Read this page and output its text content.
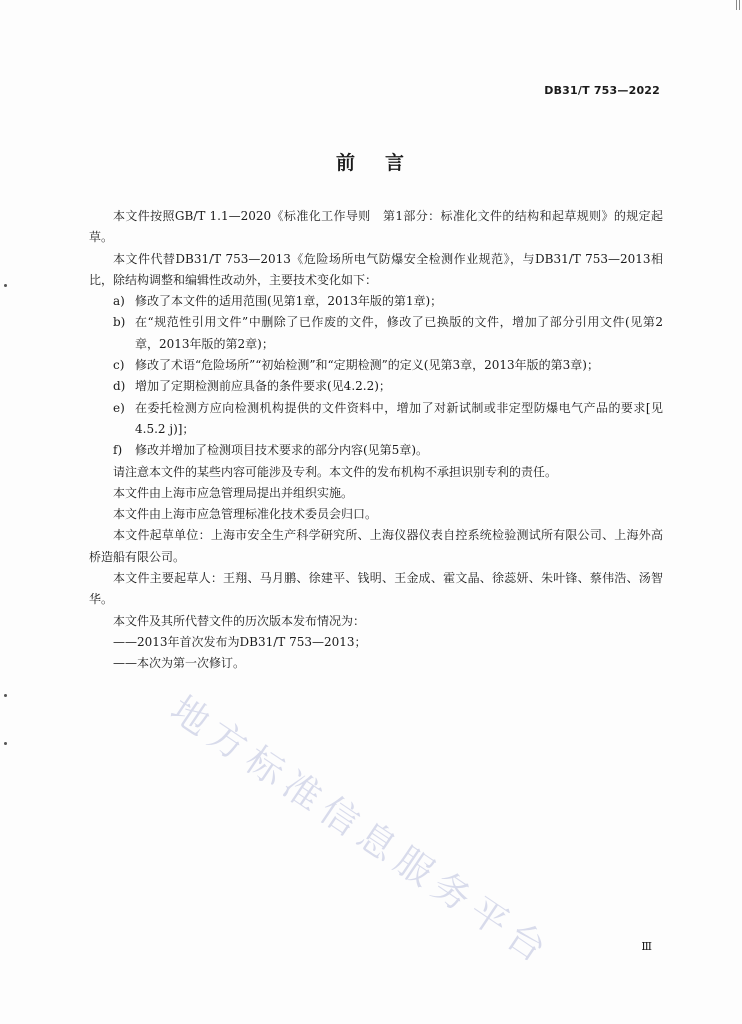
DB31/T 753—2022
前言

本文件按照GB/T 1.1—2020《标准化工作导则　第1部分：标准化文件的结构和起草规则》的规定起草。

本文件代替DB31/T 753—2013《危险场所电气防爆安全检测作业规范》，与DB31/T 753—2013相比，除结构调整和编辑性改动外，主要技术变化如下：

a) 修改了本文件的适用范围(见第1章，2013年版的第1章)；
b) 在“规范性引用文件”中删除了已作废的文件，修改了已换版的文件，增加了部分引用文件(见第2章，2013年版的第2章)；
c) 修改了术语“危险场所”“初始检测”和“定期检测”的定义(见第3章，2013年版的第3章)；
d) 增加了定期检测前应具备的条件要求(见4.2.2)；
e) 在委托检测方应向检测机构提供的文件资料中，增加了对新试制或非定型防爆电气产品的要求[见4.5.2 j)]；
f)	修改并增加了检测项目技术要求的部分内容(见第5章)。

请注意本文件的某些内容可能涉及专利。本文件的发布机构不承担识别专利的责任。

本文件由上海市应急管理局提出并组织实施。

本文件由上海市应急管理标准化技术委员会归口。

本文件起草单位：上海市安全生产科学研究所、上海仪器仪表自控系统检验测试所有限公司、上海外高桥造船有限公司。

本文件主要起草人：王翔、马月鹏、徐建平、钱明、王金成、霍文晶、徐蕊妍、朱叶锋、蔡伟浩、汤智华。

本文件及其所代替文件的历次版本发布情况为：

——2013年首次发布为DB31/T 753—2013；
——本次为第一次修订。
地方标准信息服务平台	Ⅲ
